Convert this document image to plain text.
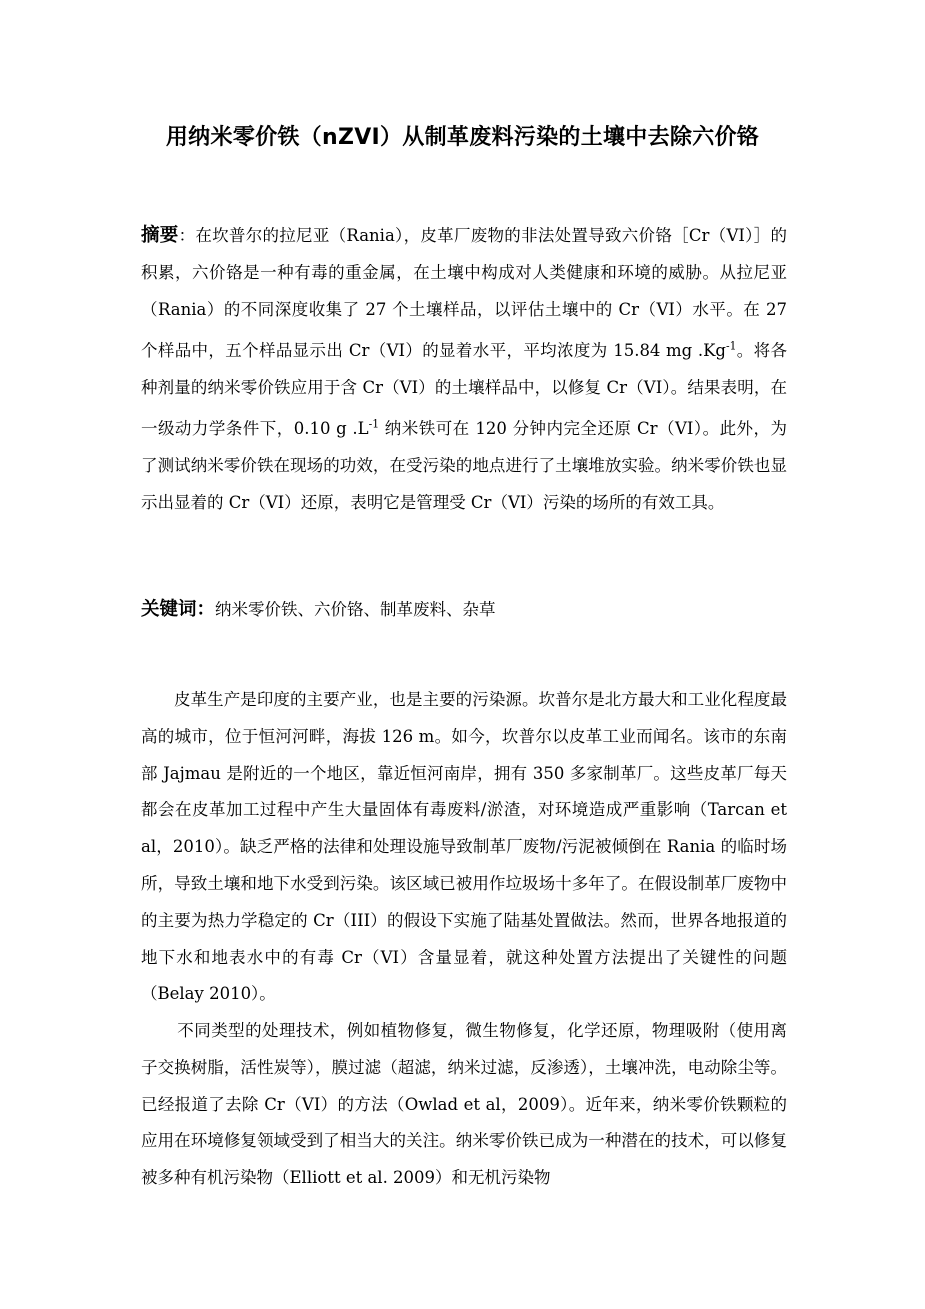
用纳米零价铁（nZVI）从制革废料污染的土壤中去除六价铬
摘要：在坎普尔的拉尼亚（Rania），皮革厂废物的非法处置导致六价铬［Cr（VI）］的积累，六价铬是一种有毒的重金属，在土壤中构成对人类健康和环境的威胁。从拉尼亚（Rania）的不同深度收集了 27 个土壤样品，以评估土壤中的 Cr（VI）水平。在 27 个样品中，五个样品显示出 Cr（VI）的显着水平，平均浓度为 15.84 mg $.Kg^{-1}$。将各种剂量的纳米零价铁应用于含 Cr（VI）的土壤样品中，以修复 Cr（VI）。结果表明，在一级动力学条件下，0.10 g $.L^{-1}$ 纳米铁可在 120 分钟内完全还原 Cr（VI）。此外，为了测试纳米零价铁在现场的功效，在受污染的地点进行了土壤堆放实验。纳米零价铁也显示出显着的 Cr（VI）还原，表明它是管理受 Cr（VI）污染的场所的有效工具。
关键词：纳米零价铁、六价铬、制革废料、杂草
皮革生产是印度的主要产业，也是主要的污染源。坎普尔是北方最大和工业化程度最高的城市，位于恒河河畔，海拔 126 m。如今，坎普尔以皮革工业而闻名。该市的东南部 Jajmau 是附近的一个地区，靠近恒河南岸，拥有 350 多家制革厂。这些皮革厂每天都会在皮革加工过程中产生大量固体有毒废料/淤渣，对环境造成严重影响（Tarcan et al，2010）。缺乏严格的法律和处理设施导致制革厂废物/污泥被倾倒在 Rania 的临时场所，导致土壤和地下水受到污染。该区域已被用作垃圾场十多年了。在假设制革厂废物中的主要为热力学稳定的 Cr（III）的假设下实施了陆基处置做法。然而，世界各地报道的地下水和地表水中的有毒 Cr（VI）含量显着，就这种处置方法提出了关键性的问题（Belay 2010）。
不同类型的处理技术，例如植物修复，微生物修复，化学还原，物理吸附（使用离子交换树脂，活性炭等），膜过滤（超滤，纳米过滤，反渗透），土壤冲洗，电动除尘等。已经报道了去除 Cr（VI）的方法（Owlad et al，2009）。近年来，纳米零价铁颗粒的应用在环境修复领域受到了相当大的关注。纳米零价铁已成为一种潜在的技术，可以修复被多种有机污染物（Elliott et al. 2009）和无机污染物
